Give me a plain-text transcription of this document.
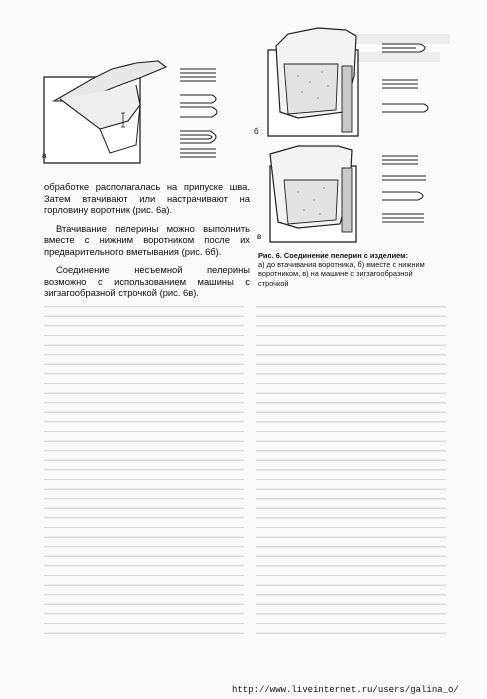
а
б
в

обработке располагалась на припуске шва. Затем втачивают или настрачивают на горловину воротник (рис. 6а).

Втачивание пелерины можно выполнить вместе с нижним воротником после их предварительного вметывания (рис. 6б).

Соединение несъемной пелерины возможно с использованием машины с зигзагообразной строчкой (рис. 6в).

Рис. 6. Соединение пелерин с изделием:
а) до втачивания воротника, б) вместе с нижним
воротником, в) на машине с зигзагообразной
строчкой
http://www.liveinternet.ru/users/galina_o/
